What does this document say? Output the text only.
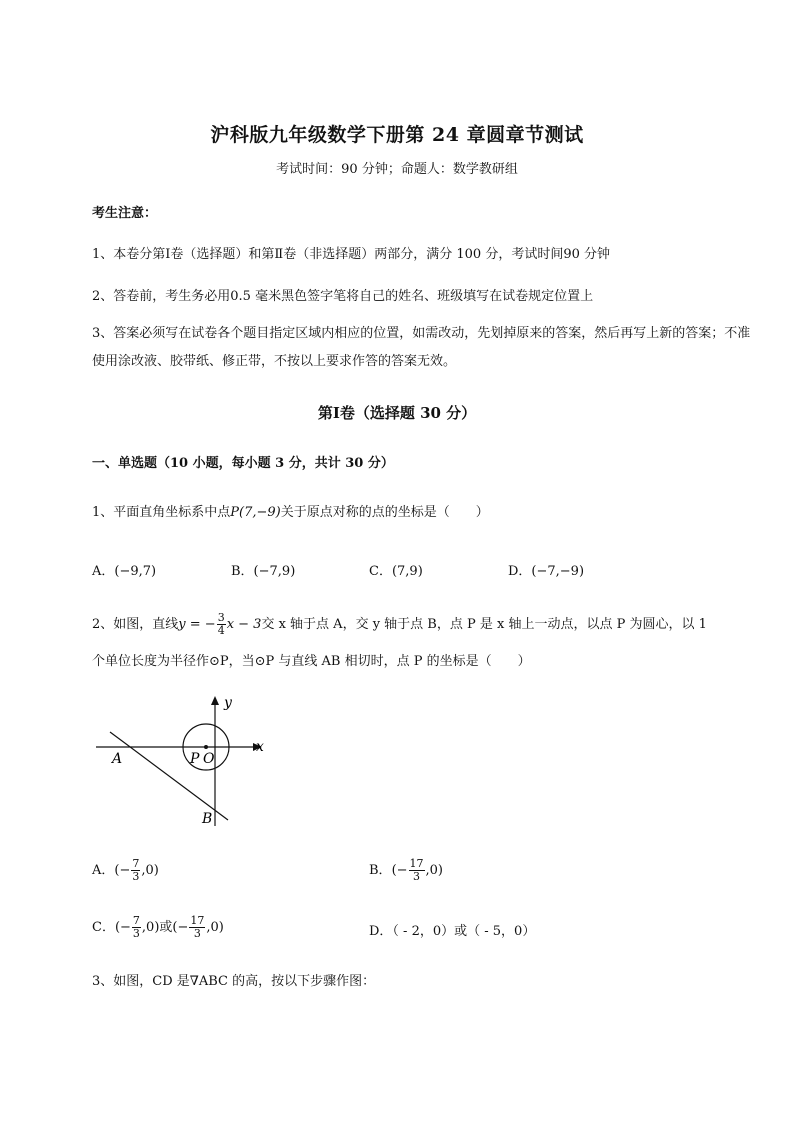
沪科版九年级数学下册第 24 章圆章节测试
考试时间：90 分钟；命题人：数学教研组
考生注意：
1、本卷分第Ⅰ卷（选择题）和第Ⅱ卷（非选择题）两部分，满分 100 分，考试时间90 分钟
2、答卷前，考生务必用0.5 毫米黑色签字笔将自己的姓名、班级填写在试卷规定位置上
3、答案必须写在试卷各个题目指定区域内相应的位置，如需改动，先划掉原来的答案，然后再写上新的答案；不准使用涂改液、胶带纸、修正带，不按以上要求作答的答案无效。
第Ⅰ卷（选择题 30 分）
一、单选题（10 小题，每小题 3 分，共计 30 分）
1、平面直角坐标系中点P(7,−9)关于原点对称的点的坐标是（　　）
A．(−9,7)	B．(−7,9)	C．(7,9)	D．(−7,−9)
2、如图，直线y = − $\frac{3}{4}$ x − 3交 x 轴于点 A，交 y 轴于点 B，点 P 是 x 轴上一动点，以点 P 为圆心，以 1
个单位长度为半径作⊙P，当⊙P 与直线 AB 相切时，点 P 的坐标是（　　）
y
x
A	P O
B
A．(− $\frac{7}{3} ,0$)	B．(− $\frac{17}{3} ,0$)
C．(− $\frac{7}{3} ,0$)或(− $\frac{17}{3} ,0$)	D．（ - 2，0）或（ - 5，0）
3、如图，CD 是∇ABC 的高，按以下步骤作图：
